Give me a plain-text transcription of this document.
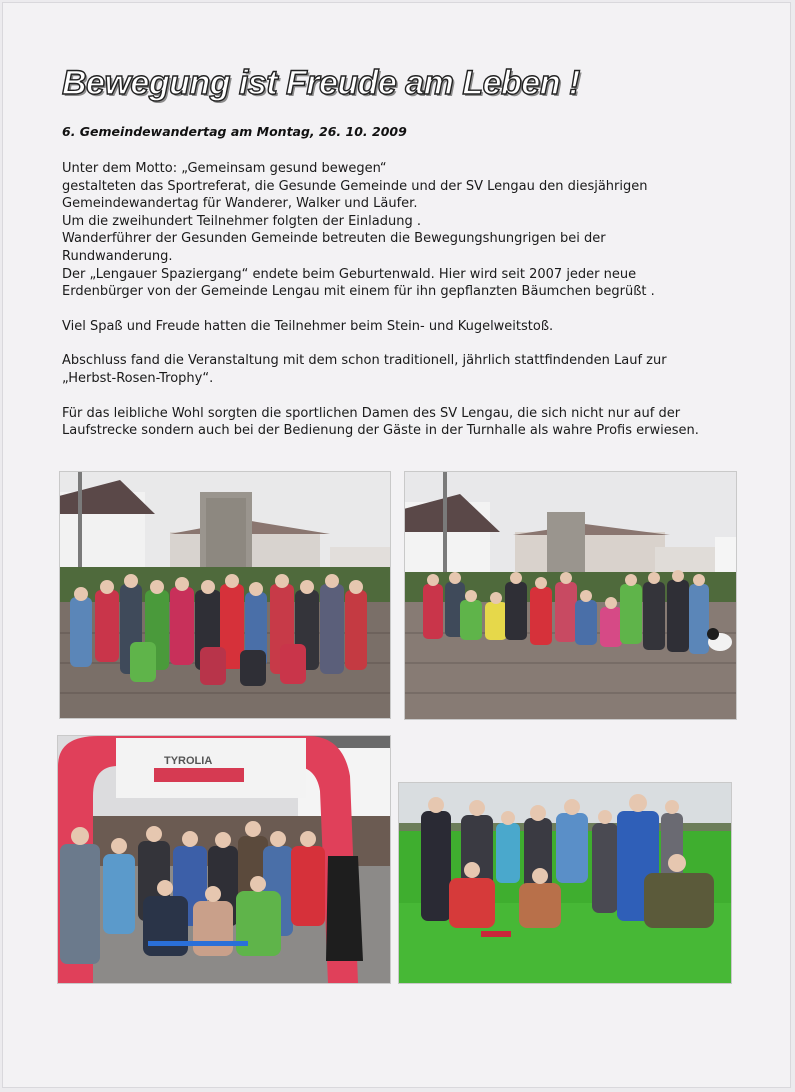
Bewegung ist Freude am Leben !
6. Gemeindewandertag am Montag, 26. 10. 2009

Unter dem Motto: „Gemeinsam gesund bewegen“
gestalteten das Sportreferat, die Gesunde Gemeinde und der SV Lengau den diesjährigen
Gemeindewandertag für Wanderer, Walker und Läufer.
Um die zweihundert Teilnehmer folgten der Einladung .
Wanderführer der Gesunden Gemeinde betreuten die Bewegungshungrigen bei der
Rundwanderung.
Der „Lengauer Spaziergang“ endete beim Geburtenwald. Hier wird seit 2007 jeder neue
Erdenbürger von der Gemeinde Lengau mit einem für ihn gepflanzten Bäumchen begrüßt .

Viel Spaß und Freude hatten die Teilnehmer beim Stein- und Kugelweitstoß.

Abschluss fand die Veranstaltung mit dem schon traditionell, jährlich stattfindenden Lauf zur
„Herbst-Rosen-Trophy“.

Für das leibliche Wohl sorgten die sportlichen Damen des SV Lengau, die sich nicht nur auf der
Laufstrecke sondern auch bei der Bedienung der Gäste in der Turnhalle als wahre Profis erwiesen.

TYROLIA
